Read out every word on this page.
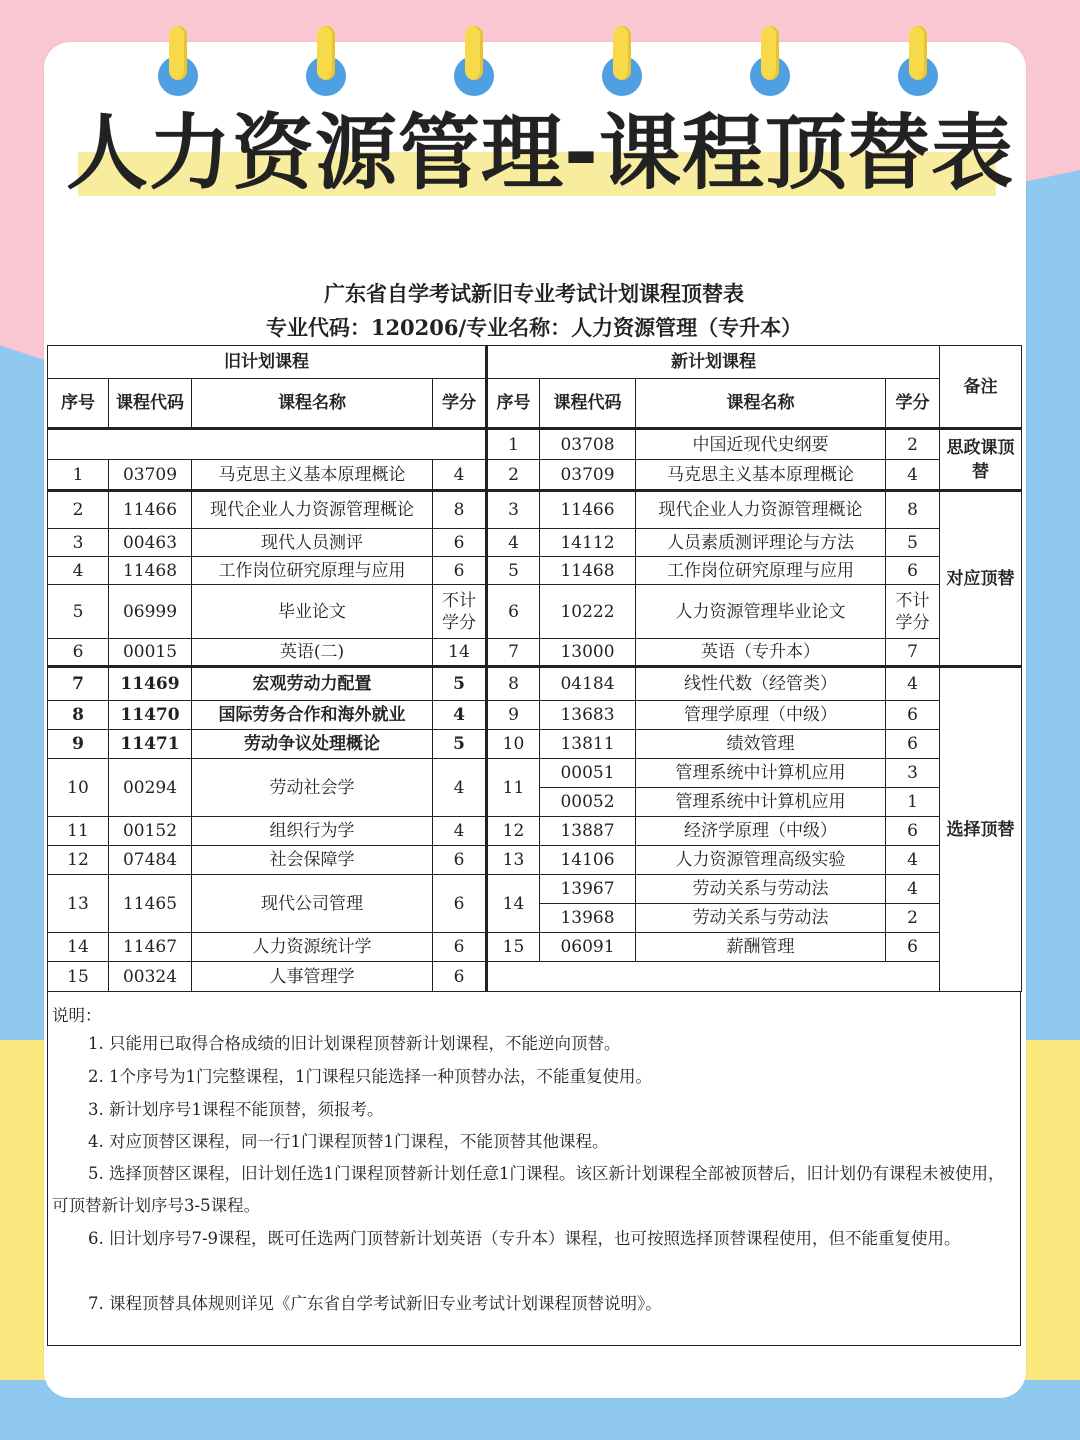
人力资源管理-课程顶替表
广东省自学考试新旧专业考试计划课程顶替表
专业代码：120206/专业名称：人力资源管理（专升本）
旧计划课程				新计划课程				备注
序号	课程代码	课程名称	学分	序号	课程代码	课程名称	学分	
				1	03708	中国近现代史纲要	2	思政课顶替
1	03709	马克思主义基本原理概论	4	2	03709	马克思主义基本原理概论	4	
2	11466	现代企业人力资源管理概论	8	3	11466	现代企业人力资源管理概论	8	对应顶替
3	00463	现代人员测评	6	4	14112	人员素质测评理论与方法	5	
4	11468	工作岗位研究原理与应用	6	5	11468	工作岗位研究原理与应用	6	
5	06999	毕业论文	不计学分	6	10222	人力资源管理毕业论文	不计学分	
6	00015	英语(二)	14	7	13000	英语（专升本）	7	
7	11469	宏观劳动力配置	5	8	04184	线性代数（经管类）	4	选择顶替
8	11470	国际劳务合作和海外就业	4	9	13683	管理学原理（中级）	6	
9	11471	劳动争议处理概论	5	10	13811	绩效管理	6	
10	00294	劳动社会学	4	11	00051	管理系统中计算机应用	3	
					00052	管理系统中计算机应用	1	
11	00152	组织行为学	4	12	13887	经济学原理（中级）	6	
12	07484	社会保障学	6	13	14106	人力资源管理高级实验	4	
13	11465	现代公司管理	6	14	13967	劳动关系与劳动法	4	
					13968	劳动关系与劳动法	2	
14	11467	人力资源统计学	6	15	06091	薪酬管理	6	
15	00324	人事管理学	6					
说明：
1. 只能用已取得合格成绩的旧计划课程顶替新计划课程，不能逆向顶替。
2. 1个序号为1门完整课程，1门课程只能选择一种顶替办法，不能重复使用。
3. 新计划序号1课程不能顶替，须报考。
4. 对应顶替区课程，同一行1门课程顶替1门课程，不能顶替其他课程。
5. 选择顶替区课程，旧计划任选1门课程顶替新计划任意1门课程。该区新计划课程全部被顶替后，旧计划仍有课程未被使用，可顶替新计划序号3-5课程。
6. 旧计划序号7-9课程，既可任选两门顶替新计划英语（专升本）课程，也可按照选择顶替课程使用，但不能重复使用。
7. 课程顶替具体规则详见《广东省自学考试新旧专业考试计划课程顶替说明》。
